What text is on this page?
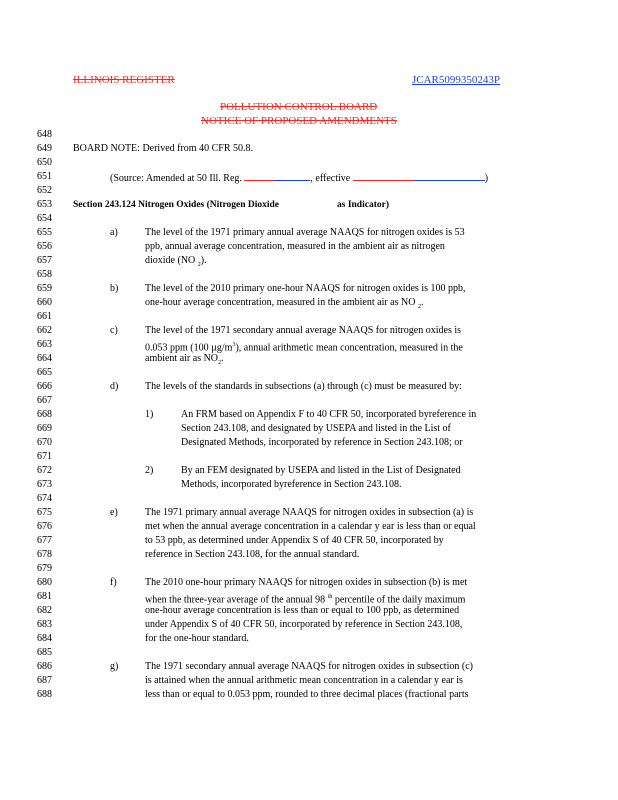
ILLINOIS REGISTER	JCAR5099350243P
POLLUTION CONTROL BOARD
NOTICE OF PROPOSED AMENDMENTS
648
649
650
651
652
653
654
655
656
657
658
659
660
661
662
663
664
665
666
667
668
669
670
671
672
673
674
675
676
677
678
679
680
681
682
683
684
685
686
687
688
BOARD NOTE: Derived from 40 CFR 50.8.
(Source: Amended at 50 Ill. Reg.	, effective	)
Section 243.124 Nitrogen Oxides (Nitrogen Dioxide	as Indicator)
a)	The level of the 1971 primary annual average NAAQS for nitrogen oxides is 53
ppb, annual average concentration, measured in the ambient air as nitrogen
dioxide (NO $_2$).
b)	The level of the 2010 primary one-hour NAAQS for nitrogen oxides is 100 ppb,
one-hour average concentration, measured in the ambient air as NO $_2$.
c)	The level of the 1971 secondary annual average NAAQS for nitrogen oxides is
0.053 ppm (100 $\mu g/m^3$), annual arithmetic mean concentration, measured in the
ambient air as $NO_2$.
d)	The levels of the standards in subsections (a) through (c) must be measured by:
1)	An FRM based on Appendix F to 40 CFR 50, incorporated byreference in
Section 243.108, and designated by USEPA and listed in the List of
Designated Methods, incorporated by reference in Section 243.108; or
2)	By an FEM designated by USEPA and listed in the List of Designated
Methods, incorporated byreference in Section 243.108.
e)	The 1971 primary annual average NAAQS for nitrogen oxides in subsection (a) is
met when the annual average concentration in a calendar y ear is less than or equal
to 53 ppb, as determined under Appendix S of 40 CFR 50, incorporated by
reference in Section 243.108, for the annual standard.
f)	The 2010 one-hour primary NAAQS for nitrogen oxides in subsection (b) is met
when the three-year average of the annual 98 $^{th}$ percentile of the daily maximum
one-hour average concentration is less than or equal to 100 ppb, as determined
under Appendix S of 40 CFR 50, incorporated by reference in Section 243.108,
for the one-hour standard.
g)	The 1971 secondary annual average NAAQS for nitrogen oxides in subsection (c)
is attained when the annual arithmetic mean concentration in a calendar y ear is
less than or equal to 0.053 ppm, rounded to three decimal places (fractional parts
